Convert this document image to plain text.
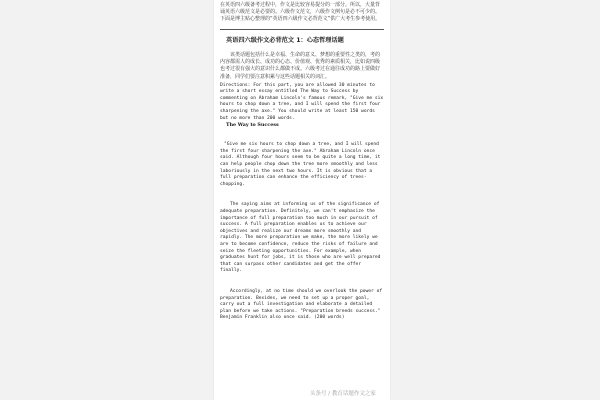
在英语四六级备考过程中，作文是比较容易提分的一部分。所以，大量背诵英语六级范文是必要的。六级作文范文，六级作文例句是必不可少的。下面是博主贴心整理的“英语四六级作文必背范文”供广大考生参考使用。
英语四六级作文必背范文 1：心态哲理话题
该类话题包括什么是幸福、生命的意义、梦想的重要性之类的，考的内容都需人的成长、成功的心态、价值观、优秀的素质相关，比如说四级也考过很有强大的意识什么都做不成。六级考过在通往成功的路上要做好准备，同学们要注意积累与这些话题相关的词汇。
Directions: For this part, you are allowed 30 minutes to write a short essay entitled The Way to Success by commenting on Abraham Lincoln's famous remark, "Give me six hours to chop down a tree, and I will spend the first four sharpening the axe." You should write at least 150 words but no more than 200 words.
The Way to Success
"Give me six hours to chop down a tree, and I will spend the first four sharpening the axe." Abraham Lincoln once said. Although four hours seem to be quite a long time, it can help people chop down the tree more smoothly and less laboriously in the next two hours. It is obvious that a full preparation can enhance the efficiency of trees-chopping.
The saying aims at informing us of the significance of adequate preparation. Definitely, we can't emphasize the importance of full preparation too much in our pursuit of success. A full preparation enables us to achieve our objectives and realize our dreams more smoothly and rapidly. The more preparation we make, the more likely we are to become confidence, reduce the risks of failure and seize the fleeting opportunities. For example, when graduates hunt for jobs, it is those who are well prepared that can surpass other candidates and get the offer finally.
Accordingly, at no time should we overlook the power of preparation. Besides, we need to set up a proper goal, carry out a full investigation and elaborate a detailed plan before we take actions. "Preparation breeds success." Benjamin Franklin also once said. (200 words)
头条号 / 教育话题作文之家
